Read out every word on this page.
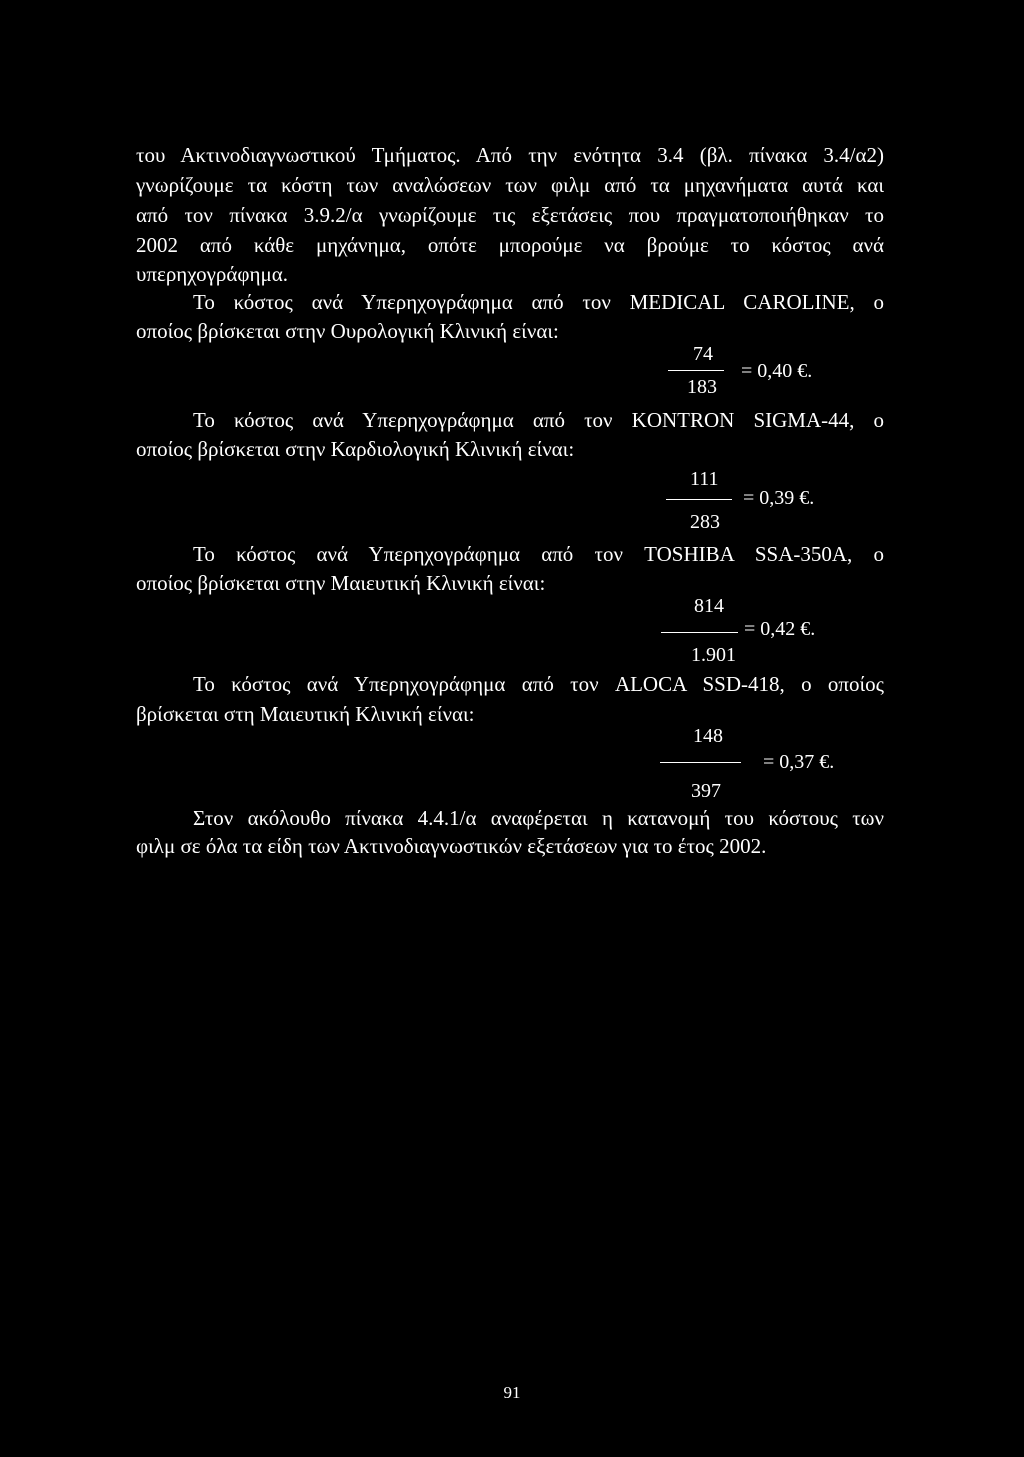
του Ακτινοδιαγνωστικού Τμήματος. Από την ενότητα 3.4 (βλ. πίνακα 3.4/α2)
γνωρίζουμε τα κόστη των αναλώσεων των φιλμ από τα μηχανήματα αυτά και
από τον πίνακα 3.9.2/α γνωρίζουμε τις εξετάσεις που πραγματοποιήθηκαν το
2002 από κάθε μηχάνημα, οπότε μπορούμε να βρούμε το κόστος ανά
υπερηχογράφημα.
Το κόστος ανά Υπερηχογράφημα από τον MEDICAL CAROLINE, ο
οποίος βρίσκεται στην Ουρολογική Κλινική είναι:
74
= 0,40 €.
183
Το κόστος ανά Υπερηχογράφημα από τον KONTRON SIGMA-44, ο
οποίος βρίσκεται στην Καρδιολογική Κλινική είναι:
111
= 0,39 €.
283
Το κόστος ανά Υπερηχογράφημα από τον TOSHIBA SSA-350A, ο
οποίος βρίσκεται στην Μαιευτική Κλινική είναι:
814
= 0,42 €.
1.901
Το κόστος ανά Υπερηχογράφημα από τον ALOCA SSD-418, ο οποίος
βρίσκεται στη Μαιευτική Κλινική είναι:
148
= 0,37 €.
397
Στον ακόλουθο πίνακα 4.4.1/α αναφέρεται η κατανομή του κόστους των
φιλμ σε όλα τα είδη των Ακτινοδιαγνωστικών εξετάσεων για το έτος 2002.
91
